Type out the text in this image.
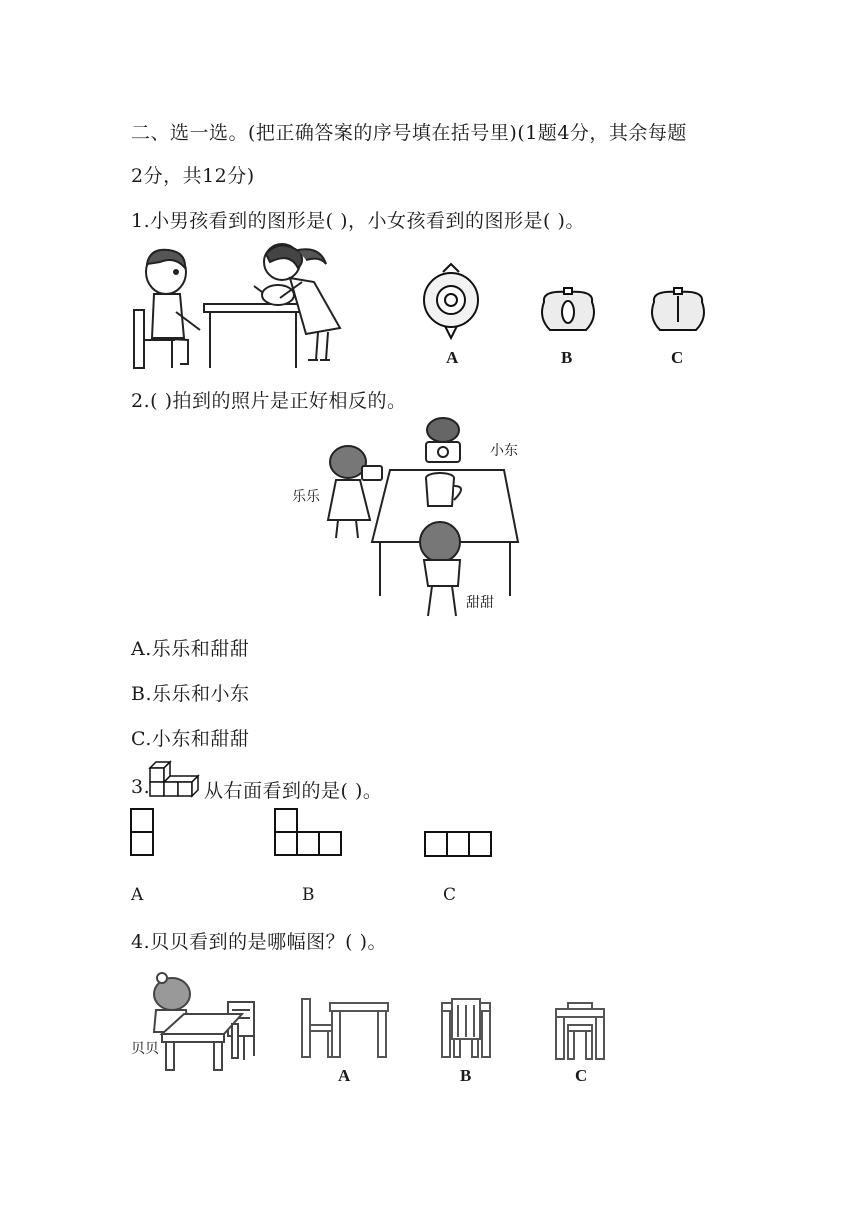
二、选一选。(把正确答案的序号填在括号里)(1题4分，其余每题
2分，共12分)
1.小男孩看到的图形是( )，小女孩看到的图形是( )。
A	B	C
2.( )拍到的照片是正好相反的。
乐乐
小东
甜甜
A.乐乐和甜甜
B.乐乐和小东
C.小东和甜甜
3.	从右面看到的是( )。
A	B	C
4.贝贝看到的是哪幅图？( )。
贝贝
A	B	C
